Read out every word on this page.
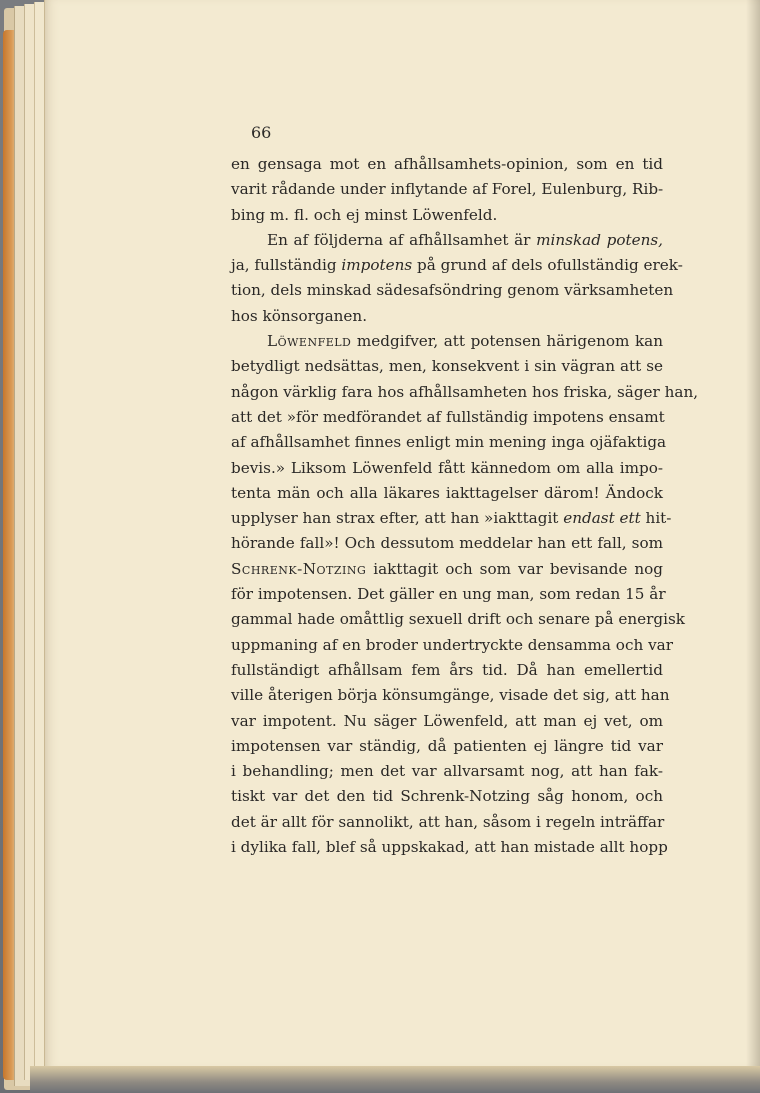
66
en gensaga mot en afhållsamhets-opinion, som en tid
varit rådande under inflytande af Forel, Eulenburg, Rib-
bing m. fl. och ej minst Löwenfeld.
En af följderna af afhållsamhet är minskad potens,
ja, fullständig impotens på grund af dels ofullständig erek-
tion, dels minskad sädesafsöndring genom värksamheten
hos könsorganen.
Löwenfeld medgifver, att potensen härigenom kan
betydligt nedsättas, men, konsekvent i sin vägran att se
någon värklig fara hos afhållsamheten hos friska, säger han,
att det »för medförandet af fullständig impotens ensamt
af afhållsamhet finnes enligt min mening inga ojäfaktiga
bevis.» Liksom Löwenfeld fått kännedom om alla impo-
tenta män och alla läkares iakttagelser därom! Ändock
upplyser han strax efter, att han »iakttagit endast ett hit-
hörande fall»! Och dessutom meddelar han ett fall, som
Schrenk-Notzing iakttagit och som var bevisande nog
för impotensen. Det gäller en ung man, som redan 15 år
gammal hade omåttlig sexuell drift och senare på energisk
uppmaning af en broder undertryckte densamma och var
fullständigt afhållsam fem års tid. Då han emellertid
ville återigen börja könsumgänge, visade det sig, att han
var impotent. Nu säger Löwenfeld, att man ej vet, om
impotensen var ständig, då patienten ej längre tid var
i behandling; men det var allvarsamt nog, att han fak-
tiskt var det den tid Schrenk-Notzing såg honom, och
det är allt för sannolikt, att han, såsom i regeln inträffar
i dylika fall, blef så uppskakad, att han mistade allt hopp
